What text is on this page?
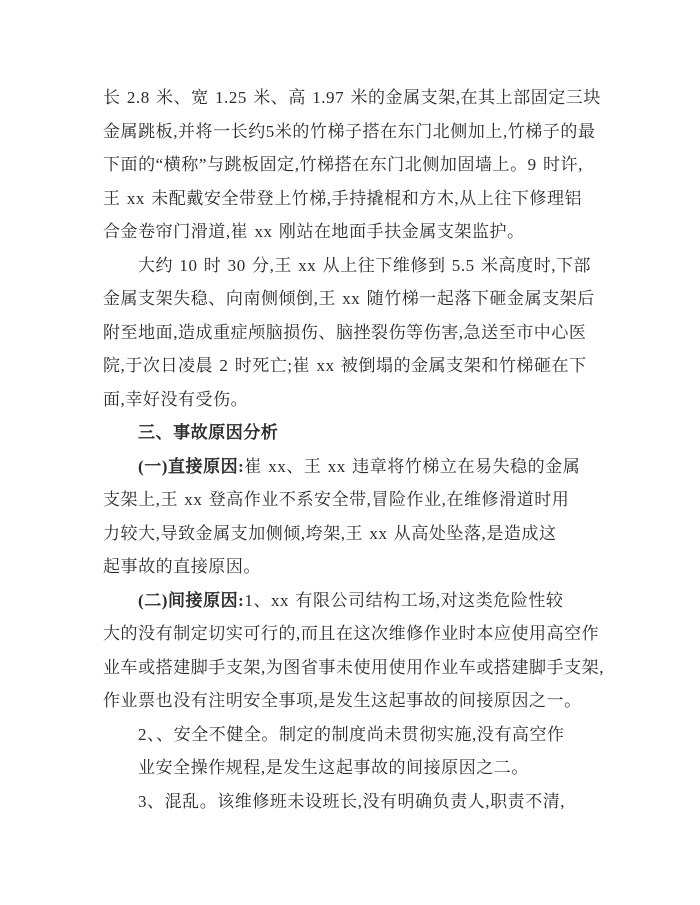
长 2.8 米、宽 1.25 米、高 1.97 米的金属支架,在其上部固定三块
金属跳板,并将一长约5米的竹梯子搭在东门北侧加上,竹梯子的最
下面的“横称”与跳板固定,竹梯搭在东门北侧加固墙上。9 时许,
王 xx 未配戴安全带登上竹梯,手持撬棍和方木,从上往下修理铝
合金卷帘门滑道,崔 xx 刚站在地面手扶金属支架监护。
大约 10 时 30 分,王 xx 从上往下维修到 5.5 米高度时,下部
金属支架失稳、向南侧倾倒,王 xx 随竹梯一起落下砸金属支架后
附至地面,造成重症颅脑损伤、脑挫裂伤等伤害,急送至市中心医
院,于次日凌晨 2 时死亡;崔 xx 被倒塌的金属支架和竹梯砸在下
面,幸好没有受伤。
三、事故原因分析
(一)直接原因:崔 xx、王 xx 违章将竹梯立在易失稳的金属
支架上,王 xx 登高作业不系安全带,冒险作业,在维修滑道时用
力较大,导致金属支加侧倾,垮架,王 xx 从高处坠落,是造成这
起事故的直接原因。
(二)间接原因:1、xx 有限公司结构工场,对这类危险性较
大的没有制定切实可行的,而且在这次维修作业时本应使用高空作
业车或搭建脚手支架,为图省事未使用使用作业车或搭建脚手支架,
作业票也没有注明安全事项,是发生这起事故的间接原因之一。
2、、安全不健全。制定的制度尚未贯彻实施,没有高空作
业安全操作规程,是发生这起事故的间接原因之二。
3、混乱。该维修班未设班长,没有明确负责人,职责不清,
